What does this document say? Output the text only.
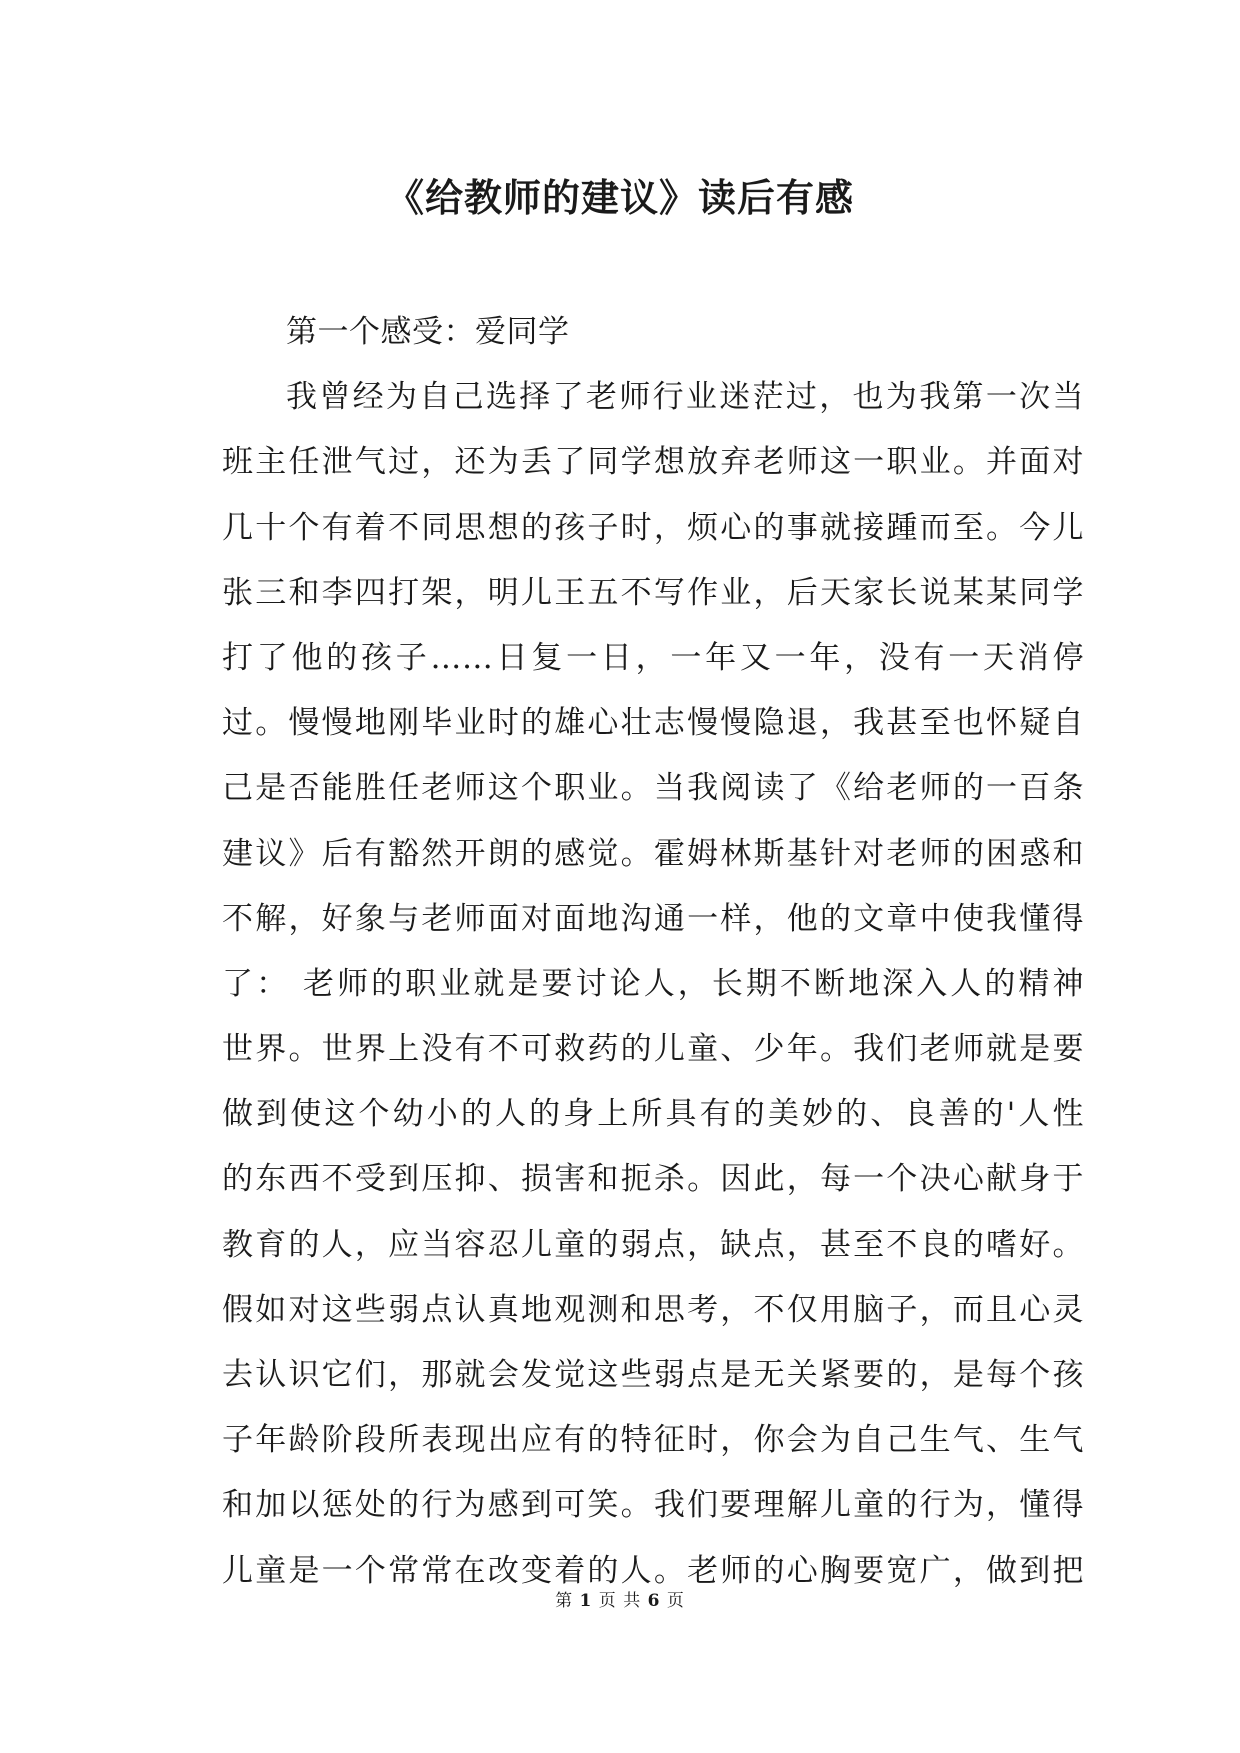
《给教师的建议》读后有感
第一个感受：爱同学
我曾经为自己选择了老师行业迷茫过，也为我第一次当
班主任泄气过，还为丢了同学想放弃老师这一职业。并面对
几十个有着不同思想的孩子时，烦心的事就接踵而至。今儿
张三和李四打架，明儿王五不写作业，后天家长说某某同学
打了他的孩子……日复一日，一年又一年，没有一天消停
过。慢慢地刚毕业时的雄心壮志慢慢隐退，我甚至也怀疑自
己是否能胜任老师这个职业。当我阅读了《给老师的一百条
建议》后有豁然开朗的感觉。霍姆林斯基针对老师的困惑和
不解，好象与老师面对面地沟通一样，他的文章中使我懂得
了： 老师的职业就是要讨论人，长期不断地深入人的精神
世界。世界上没有不可救药的儿童、少年。我们老师就是要
做到使这个幼小的人的身上所具有的美妙的、良善的'人性
的东西不受到压抑、损害和扼杀。因此，每一个决心献身于
教育的人，应当容忍儿童的弱点，缺点，甚至不良的嗜好。
假如对这些弱点认真地观测和思考，不仅用脑子，而且心灵
去认识它们，那就会发觉这些弱点是无关紧要的，是每个孩
子年龄阶段所表现出应有的特征时，你会为自己生气、生气
和加以惩处的行为感到可笑。我们要理解儿童的行为，懂得
儿童是一个常常在改变着的人。老师的心胸要宽广，做到把
第 1 页 共 6 页
